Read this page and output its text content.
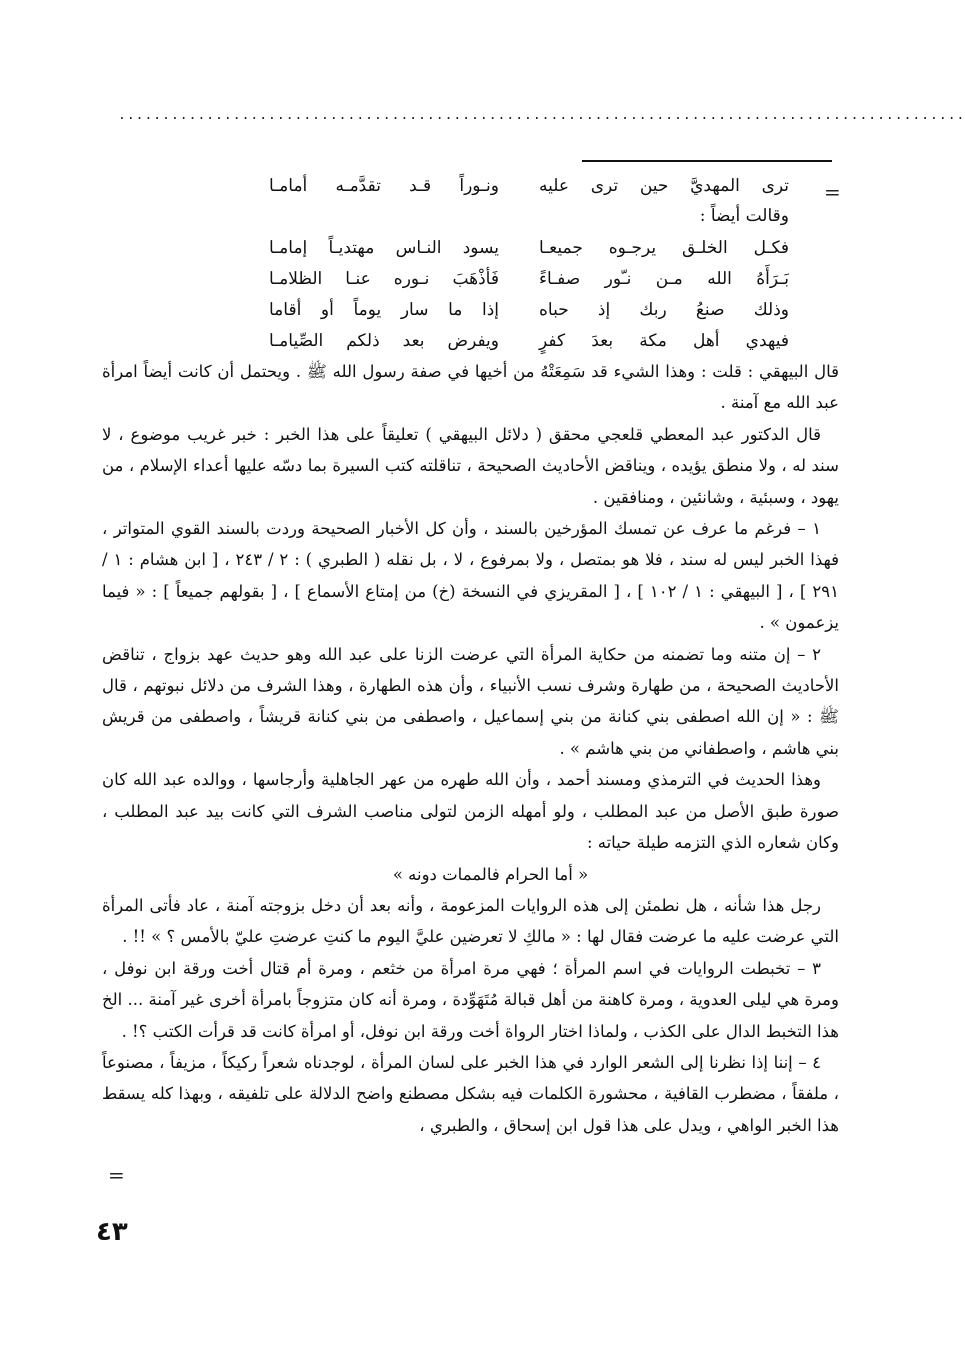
................................................................................................
=
ترى المهديَّ حين ترى عليه
ونـوراً قـد تقدَّمـه أمامـا
وقالت أيضاً :
فكـل الخلـق يرجـوه جميعـا
يسود النـاس مهتديـاً إمامـا
بَـرَأَهُ الله مـن نـّور صفـاءً
فَأذْهَبَ نـوره عنـا الظلامـا
وذلك صنعُ ربك إذ حباه
إذا ما سار يوماً أو أقاما
فيهدي أهل مكة بعدَ كفرٍ
ويفرض بعد ذلكم الصِّيامـا

قال البيهقي : قلت : وهذا الشيء قد سَمِعَتْهُ من أخيها في صفة رسول الله ﷺ . ويحتمل أن كانت أيضاً امرأة عبد الله مع آمنة .

قال الدكتور عبد المعطي قلعجي محقق ( دلائل البيهقي ) تعليقاً على هذا الخبر : خبر غريب موضوع ، لا سند له ، ولا منطق يؤيده ، ويناقض الأحاديث الصحيحة ، تناقلته كتب السيرة بما دسّه عليها أعداء الإسلام ، من يهود ، وسبئية ، وشانئين ، ومنافقين .

١ – فرغم ما عرف عن تمسك المؤرخين بالسند ، وأن كل الأخبار الصحيحة وردت بالسند القوي المتواتر ، فهذا الخبر ليس له سند ، فلا هو بمتصل ، ولا بمرفوع ، لا ، بل نقله ( الطبري ) : ٢ / ٢٤٣ ، [ ابن هشام : ١ / ٢٩١ ] ، [ البيهقي : ١ / ١٠٢ ] ، [ المقريزي في النسخة (خ) من إمتاع الأسماع ] ، [ بقولهم جميعاً ] : « فيما يزعمون » .

٢ – إن متنه وما تضمنه من حكاية المرأة التي عرضت الزنا على عبد الله وهو حديث عهد بزواج ، تناقض الأحاديث الصحيحة ، من طهارة وشرف نسب الأنبياء ، وأن هذه الطهارة ، وهذا الشرف من دلائل نبوتهم ، قال ﷺ : « إن الله اصطفى بني كنانة من بني إسماعيل ، واصطفى من بني كنانة قريشاً ، واصطفى من قريش بني هاشم ، واصطفاني من بني هاشم » .

وهذا الحديث في الترمذي ومسند أحمد ، وأن الله طهره من عهر الجاهلية وأرجاسها ، ووالده عبد الله كان صورة طبق الأصل من عبد المطلب ، ولو أمهله الزمن لتولى مناصب الشرف التي كانت بيد عبد المطلب ، وكان شعاره الذي التزمه طيلة حياته :

« أما الحرام فالممات دونه »

رجل هذا شأنه ، هل نطمئن إلى هذه الروايات المزعومة ، وأنه بعد أن دخل بزوجته آمنة ، عاد فأتى المرأة التي عرضت عليه ما عرضت فقال لها : « مالكِ لا تعرضين عليَّ اليوم ما كنتِ عرضتِ عليّ بالأمس ؟ » !! .

٣ – تخبطت الروايات في اسم المرأة ؛ فهي مرة امرأة من خثعم ، ومرة أم قتال أخت ورقة ابن نوفل ، ومرة هي ليلى العدوية ، ومرة كاهنة من أهل قبالة مُتَهَوِّدة ، ومرة أنه كان متزوجاً بامرأة أخرى غير آمنة ... الخ هذا التخبط الدال على الكذب ، ولماذا اختار الرواة أخت ورقة ابن نوفل، أو امرأة كانت قد قرأت الكتب ؟! .

٤ – إننا إذا نظرنا إلى الشعر الوارد في هذا الخبر على لسان المرأة ، لوجدناه شعراً ركيكاً ، مزيفاً ، مصنوعاً ، ملفقاً ، مضطرب القافية ، محشورة الكلمات فيه بشكل مصطنع واضح الدلالة على تلفيقه ، وبهذا كله يسقط هذا الخبر الواهي ، ويدل على هذا قول ابن إسحاق ، والطبري ،

=
٤٣
